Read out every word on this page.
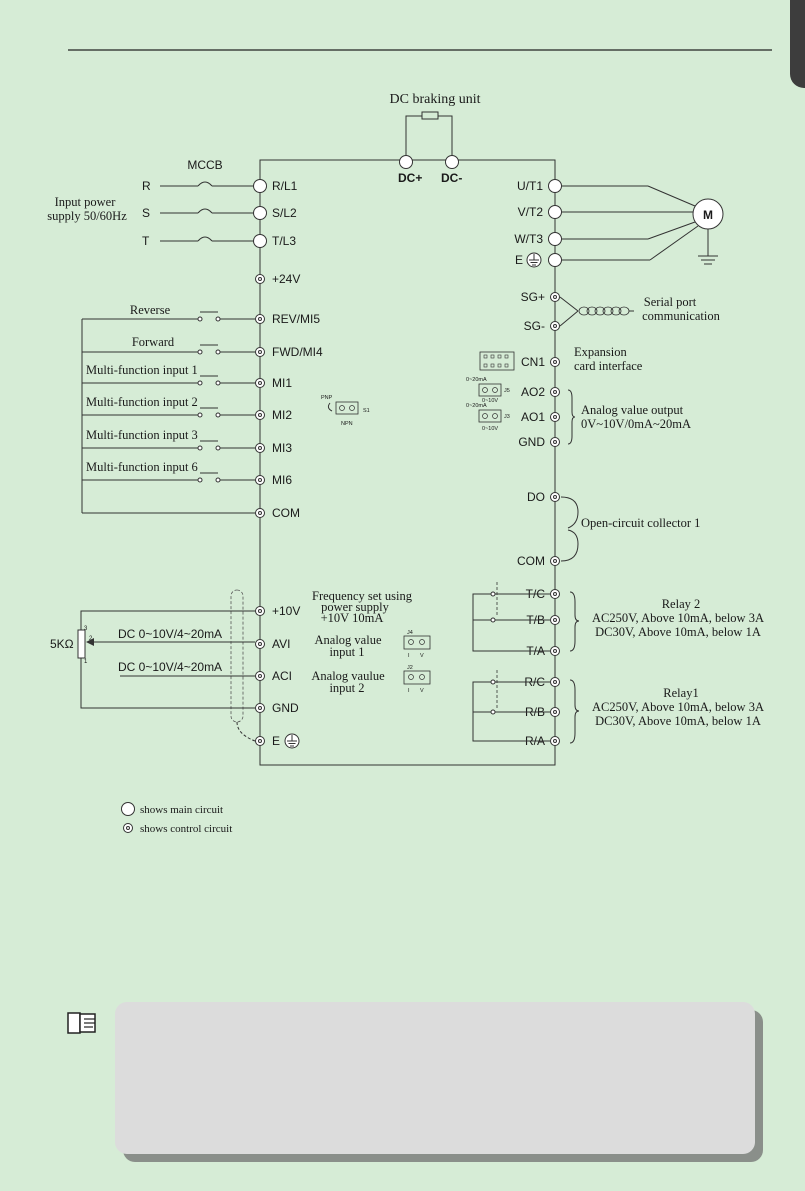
DC braking unit
DC+ DC-
MCCB
Input power
supply 50/60Hz
R
S
T
R/L1
S/L2
T/L3
+24V
Reverse
REV/MI5
Forward
FWD/MI4
Multi-function input 1
MI1
Multi-function input 2
MI2
Multi-function input 3
MI3
Multi-function input 6
MI6
COM
PNP
NPN
S1
M
U/T1
V/T2
W/T3
E
SG+
SG-
Serial port
communication
CN1
Expansion
card interface
0~20mA
J5
0~10V
0~20mA
J3
0~10V
AO2
AO1
GND
Analog value output
0V~10V/0mA~20mA
DO
COM
Open-circuit collector 1
T/C
T/B
T/A
Relay 2
AC250V, Above 10mA, below 3A
DC30V, Above 10mA, below 1A
R/C
R/B
R/A
Relay1
AC250V, Above 10mA, below 3A
DC30V, Above 10mA, below 1A
5KΩ
3
2
1
DC 0~10V/4~20mA
DC 0~10V/4~20mA
+10V
AVI
ACI
GND
E
Frequency set using
power supply
+10V 10mA
Analog value
input 1
Analog vaulue
input 2
J4
I V
J2
I V
shows main circuit
shows control circuit
